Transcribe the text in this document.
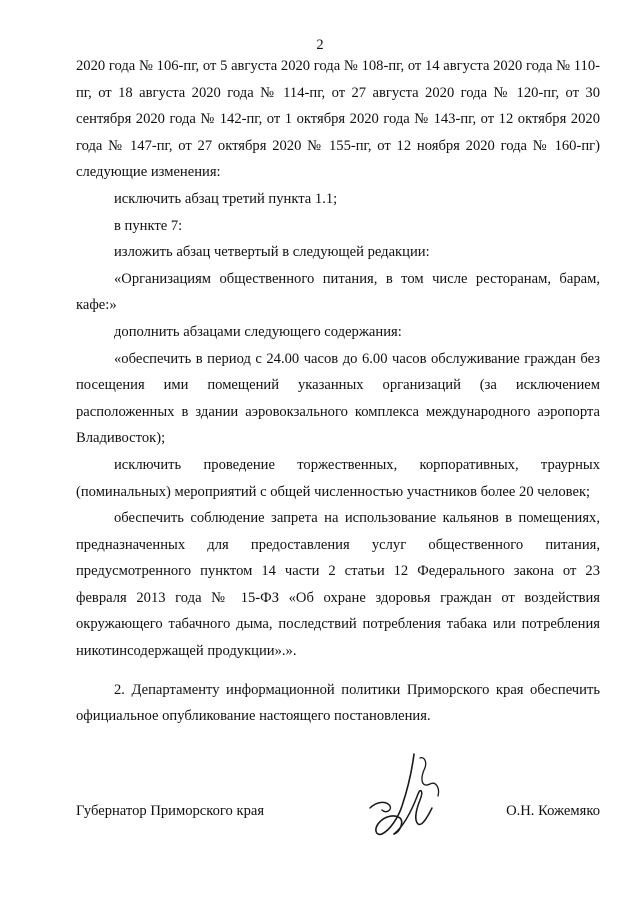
2

2020 года № 106-пг, от 5 августа 2020 года № 108-пг, от 14 августа 2020 года № 110-пг, от 18 августа 2020 года № 114-пг, от 27 августа 2020 года № 120-пг, от 30 сентября 2020 года № 142-пг, от 1 октября 2020 года № 143-пг, от 12 октября 2020 года № 147-пг, от 27 октября 2020 № 155-пг, от 12 ноября 2020 года № 160-пг) следующие изменения:

исключить абзац третий пункта 1.1;

в пункте 7:

изложить абзац четвертый в следующей редакции:

«Организациям общественного питания, в том числе ресторанам, барам, кафе:»

дополнить абзацами следующего содержания:

«обеспечить в период с 24.00 часов до 6.00 часов обслуживание граждан без посещения ими помещений указанных организаций (за исключением расположенных в здании аэровокзального комплекса международного аэропорта Владивосток);

исключить проведение торжественных, корпоративных, траурных (поминальных) мероприятий с общей численностью участников более 20 человек;

обеспечить соблюдение запрета на использование кальянов в помещениях, предназначенных для предоставления услуг общественного питания, предусмотренного пунктом 14 части 2 статьи 12 Федерального закона от 23 февраля 2013 года № 15-ФЗ «Об охране здоровья граждан от воздействия окружающего табачного дыма, последствий потребления табака или потребления никотинсодержащей продукции».».

2. Департаменту информационной политики Приморского края обеспечить официальное опубликование настоящего постановления.

Губернатор Приморского края	О.Н. Кожемяко
